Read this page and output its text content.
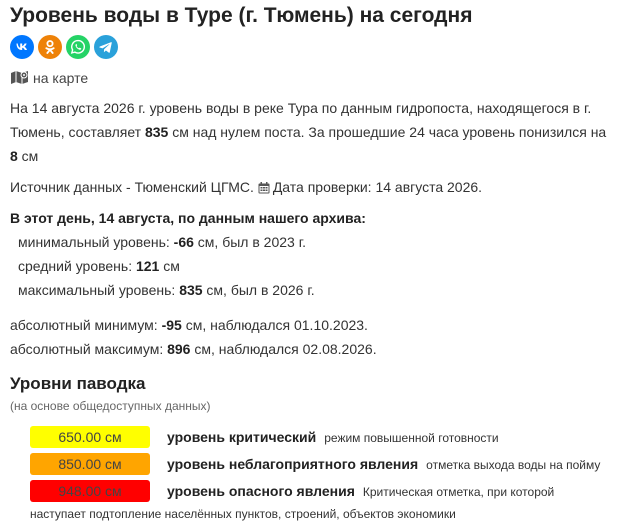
Уровень воды в Туре (г. Тюмень) на сегодня
на карте
На 14 августа 2026 г. уровень воды в реке Тура по данным гидропоста, находящегося в г.
Тюмень, составляет 835 см над нулем поста. За прошедшие 24 часа уровень понизился на
8 см
Источник данных - Тюменский ЦГМС. Дата проверки: 14 августа 2026.
В этот день, 14 августа, по данным нашего архива:
минимальный уровень: -66 см, был в 2023 г.
средний уровень: 121 см
максимальный уровень: 835 см, был в 2026 г.
абсолютный минимум: -95 см, наблюдался 01.10.2023.
абсолютный максимум: 896 см, наблюдался 02.08.2026.
Уровни паводка
(на основе общедоступных данных)
650.00 см	уровень критический режим повышенной готовности
850.00 см	уровень неблагоприятного явления отметка выхода воды на пойму
948.00 см	уровень опасного явления Критическая отметка, при которой
наступает подтопление населённых пунктов, строений, объектов экономики
